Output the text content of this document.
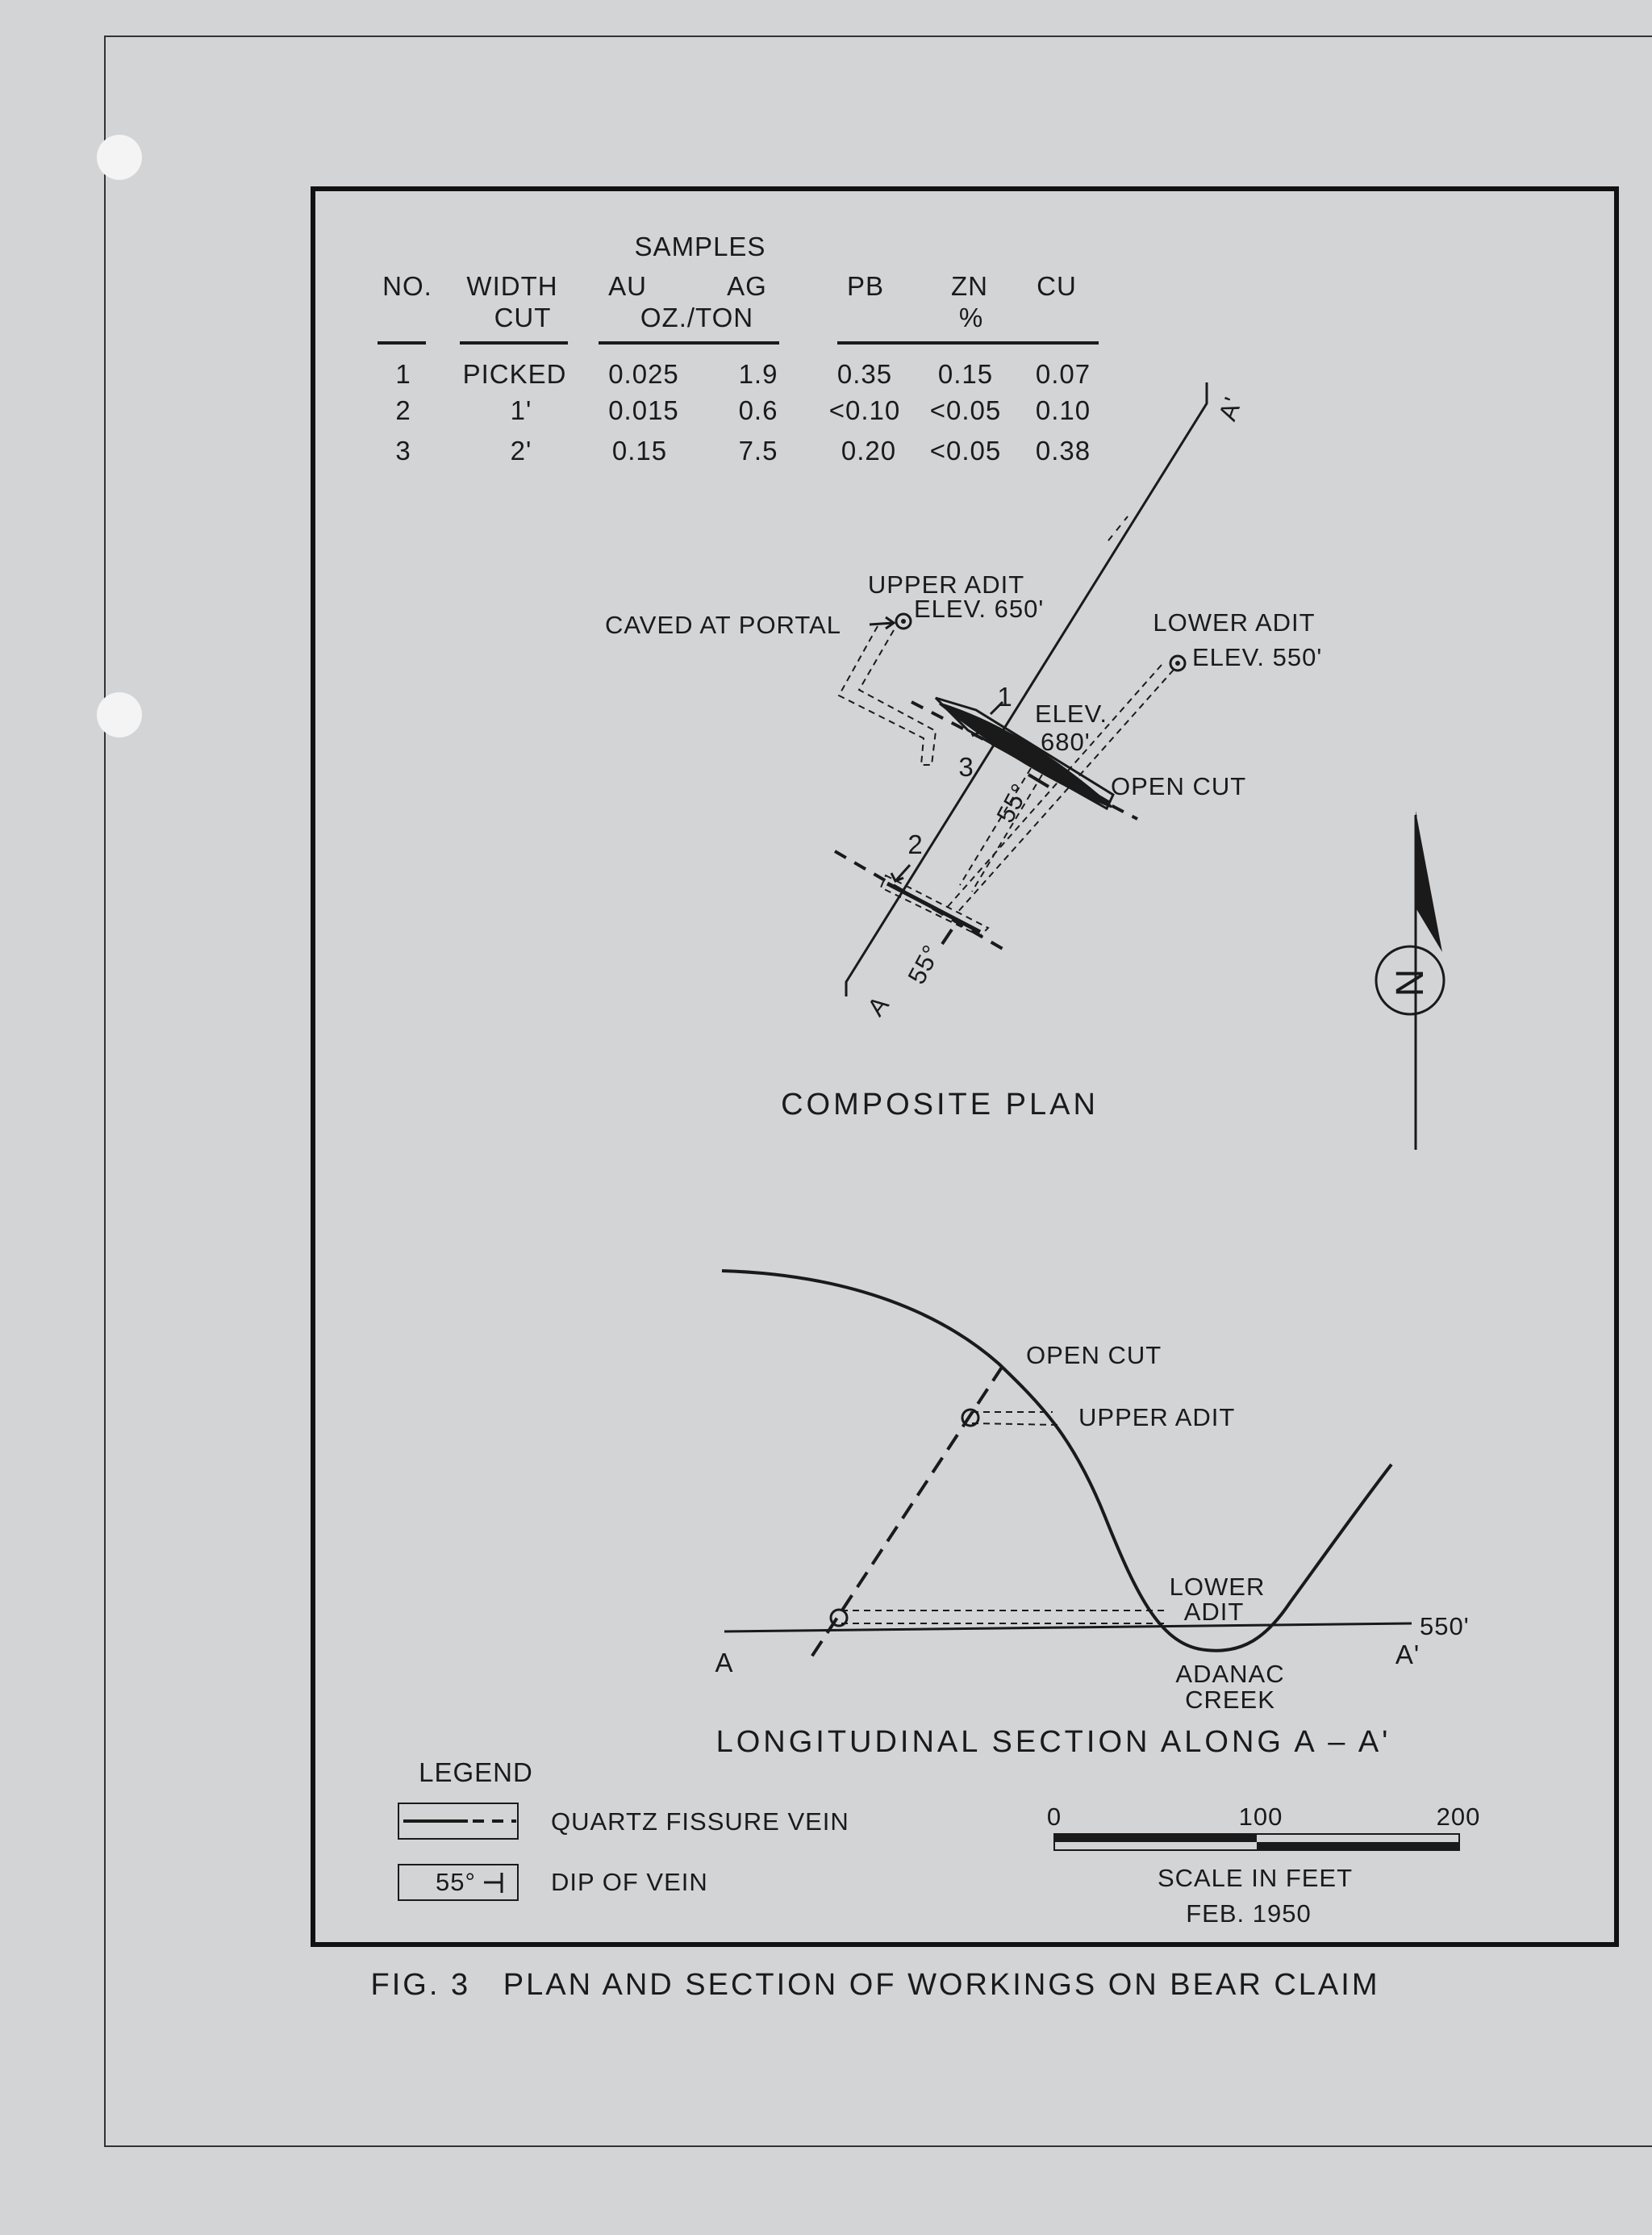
SAMPLES
NO. WIDTH
CUT
AU	AG
OZ./TON
PB	ZN CU
%
1 PICKED 0.025 1.9 0.35 0.15 0.07
2	1'	0.015 0.6 <0.10 <0.05 0.10
3	2'	0.15	7.5 0.20 <0.05 0.38
A'
A
1
3
2
55°
55°
UPPER ADIT
ELEV. 650'
CAVED AT PORTAL	LOWER ADIT
ELEV. 550'
ELEV.
680'
OPEN CUT
COMPOSITE PLAN
N
OPEN CUT
UPPER ADIT
LOWER
ADIT
ADANAC
CREEK
550'
A	A'
LONGITUDINAL SECTION ALONG A – A'
LEGEND
QUARTZ FISSURE VEIN
55°	DIP OF VEIN
0	100	200
SCALE IN FEET
FEB. 1950
FIG. 3   PLAN AND SECTION OF WORKINGS ON BEAR CLAIM
